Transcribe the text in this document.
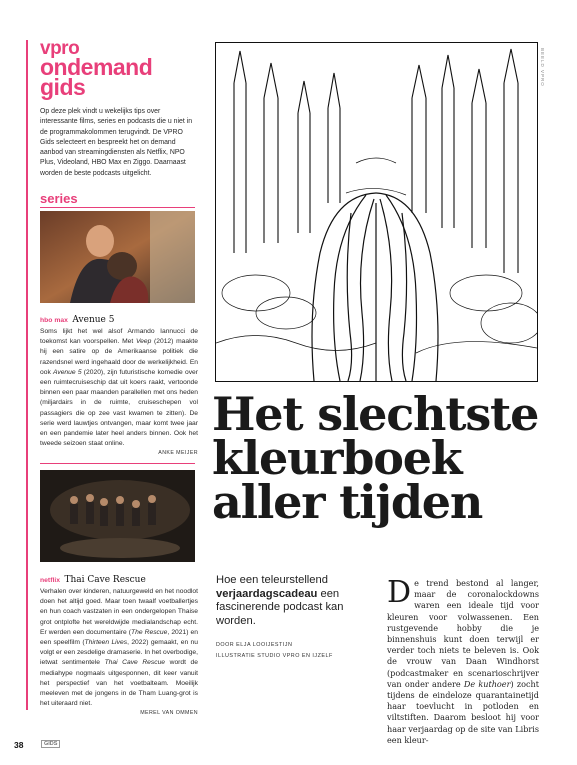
vpro
ondemand
gids
Op deze plek vindt u wekelijks tips over interessante films, series en podcasts die u niet in de programmakolommen terugvindt. De VPRO Gids selecteert en bespreekt het on demand aanbod van streamingdiensten als Netflix, NPO Plus, Videoland, HBO Max en Ziggo. Daarnaast worden de beste podcasts uitgelicht.
series
hbo max Avenue 5
Soms lijkt het wel alsof Armando Iannucci de toekomst kan voorspellen. Met Veep (2012) maakte hij een satire op de Amerikaanse politiek die razendsnel werd ingehaald door de werkelijkheid. En ook Avenue 5 (2020), zijn futuristische komedie over een ruimtecruiseschip dat uit koers raakt, vertoonde binnen een paar maanden parallellen met ons heden (miljardairs in de ruimte, cruiseschepen vol passagiers die op zee vast kwamen te zitten). De serie werd lauwtjes ontvangen, maar komt twee jaar en een pandemie later heel anders binnen. Ook het tweede seizoen staat online.
ANKE MEIJER
netflix Thai Cave Rescue
Verhalen over kinderen, natuurgeweld en het noodlot doen het altijd goed. Maar toen twaalf voetballertjes en hun coach vastzaten in een ondergelopen Thaise grot ontplofte het wereldwijde medialandschap echt. Er werden een documentaire (The Rescue, 2021) en een speelfilm (Thirteen Lives, 2022) gemaakt, en nu volgt er een zesdelige dramaserie. In het overbodige, ietwat sentimentele Thai Cave Rescue wordt de mediahype nogmaals uitgesponnen, dit keer vanuit het perspectief van het voetbalteam. Moeilijk meeleven met de jongens in de Tham Luang-grot is het uiteraard niet.
MEREL VAN OMMEN
BEELD VPRO
Het slechtste
kleurboek
aller tijden
Hoe een teleurstellend verjaardagscadeau een fascinerende podcast kan worden.
DOOR ELJA LOOIJESTIJN
ILLUSTRATIE STUDIO VPRO EN IJZELF
De trend bestond al langer, maar de coronalockdowns waren een ideale tijd voor kleuren voor volwassenen. Een rustgevende hobby die je binnenshuis kunt doen terwijl er verder toch niets te beleven is. Ook de vrouw van Daan Windhorst (podcastmaker en scenarioschrijver van onder andere De kuthoer) zocht tijdens de eindeloze quarantainetijd haar toevlucht in potloden en viltstiften. Daarom besloot hij voor haar verjaardag op de site van Libris een kleur-
38	GIDS
